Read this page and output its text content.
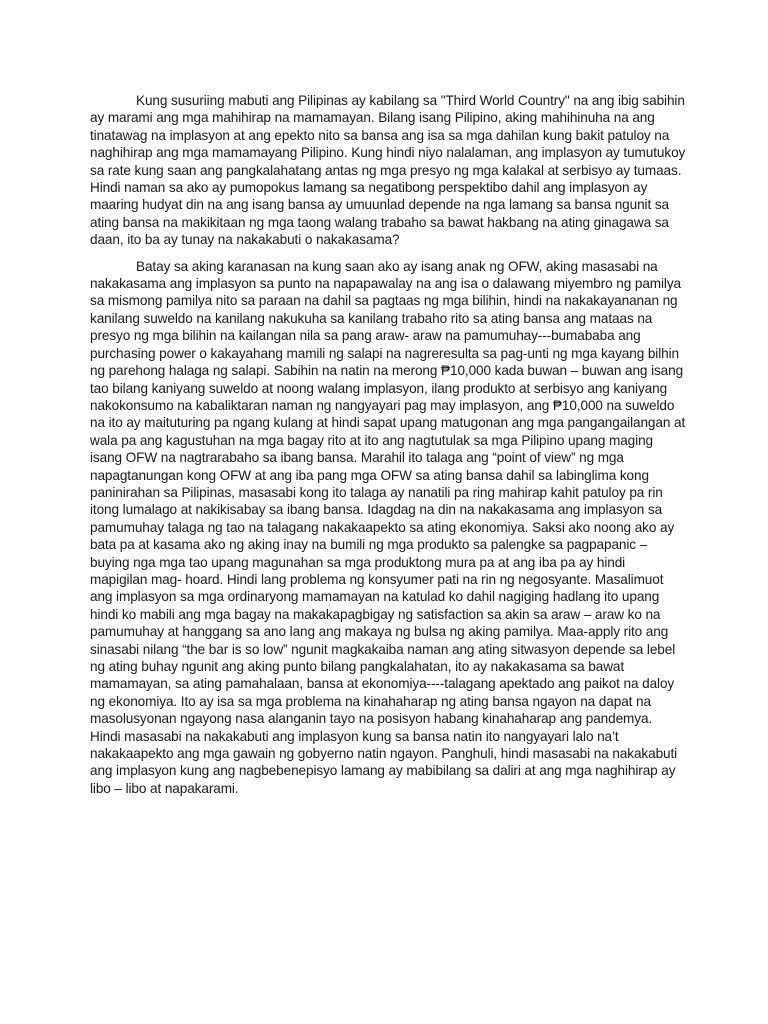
Kung susuriing mabuti ang Pilipinas ay kabilang sa "Third World Country" na ang ibig sabihin ay marami ang mga mahihirap na mamamayan. Bilang isang Pilipino, aking mahihinuha na ang tinatawag na implasyon at ang epekto nito sa bansa ang isa sa mga dahilan kung bakit patuloy na naghihirap ang mga mamamayang Pilipino. Kung hindi niyo nalalaman, ang implasyon ay tumutukoy sa rate kung saan ang pangkalahatang antas ng mga presyo ng mga kalakal at serbisyo ay tumaas. Hindi naman sa ako ay pumopokus lamang sa negatibong perspektibo dahil ang implasyon ay maaring hudyat din na ang isang bansa ay umuunlad depende na nga lamang sa bansa ngunit sa ating bansa na makikitaan ng mga taong walang trabaho sa bawat hakbang na ating ginagawa sa daan, ito ba ay tunay na nakakabuti o nakakasama?

Batay sa aking karanasan na kung saan ako ay isang anak ng OFW, aking masasabi na nakakasama ang implasyon sa punto na napapawalay na ang isa o dalawang miyembro ng pamilya sa mismong pamilya nito sa paraan na dahil sa pagtaas ng mga bilihin, hindi na nakakayananan ng kanilang suweldo na kanilang nakukuha sa kanilang trabaho rito sa ating bansa ang mataas na presyo ng mga bilihin na kailangan nila sa pang araw- araw na pamumuhay---bumababa ang purchasing power o kakayahang mamili ng salapi na nagreresulta sa pag-unti ng mga kayang bilhin ng parehong halaga ng salapi. Sabihin na natin na merong ₱10,000 kada buwan – buwan ang isang tao bilang kaniyang suweldo at noong walang implasyon, ilang produkto at serbisyo ang kaniyang nakokonsumo na kabaliktaran naman ng nangyayari pag may implasyon, ang ₱10,000 na suweldo na ito ay maituturing pa ngang kulang at hindi sapat upang matugonan ang mga pangangailangan at wala pa ang kagustuhan na mga bagay rito at ito ang nagtutulak sa mga Pilipino upang maging isang OFW na nagtrarabaho sa ibang bansa. Marahil ito talaga ang “point of view” ng mga napagtanungan kong OFW at ang iba pang mga OFW sa ating bansa dahil sa labinglima kong paninirahan sa Pilipinas, masasabi kong ito talaga ay nanatili pa ring mahirap kahit patuloy pa rin itong lumalago at nakikisabay sa ibang bansa. Idagdag na din na nakakasama ang implasyon sa pamumuhay talaga ng tao na talagang nakakaapekto sa ating ekonomiya. Saksi ako noong ako ay bata pa at kasama ako ng aking inay na bumili ng mga produkto sa palengke sa pagpapanic – buying nga mga tao upang magunahan sa mga produktong mura pa at ang iba pa ay hindi mapigilan mag- hoard. Hindi lang problema ng konsyumer pati na rin ng negosyante. Masalimuot ang implasyon sa mga ordinaryong mamamayan na katulad ko dahil nagiging hadlang ito upang hindi ko mabili ang mga bagay na makakapagbigay ng satisfaction sa akin sa araw – araw ko na pamumuhay at hanggang sa ano lang ang makaya ng bulsa ng aking pamilya. Maa-apply rito ang sinasabi nilang “the bar is so low” ngunit magkakaiba naman ang ating sitwasyon depende sa lebel ng ating buhay ngunit ang aking punto bilang pangkalahatan, ito ay nakakasama sa bawat mamamayan, sa ating pamahalaan, bansa at ekonomiya----talagang apektado ang paikot na daloy ng ekonomiya. Ito ay isa sa mga problema na kinahaharap ng ating bansa ngayon na dapat na masolusyonan ngayong nasa alanganin tayo na posisyon habang kinahaharap ang pandemya. Hindi masasabi na nakakabuti ang implasyon kung sa bansa natin ito nangyayari lalo na’t nakakaapekto ang mga gawain ng gobyerno natin ngayon. Panghuli, hindi masasabi na nakakabuti ang implasyon kung ang nagbebenepisyo lamang ay mabibilang sa daliri at ang mga naghihirap ay libo – libo at napakarami.
